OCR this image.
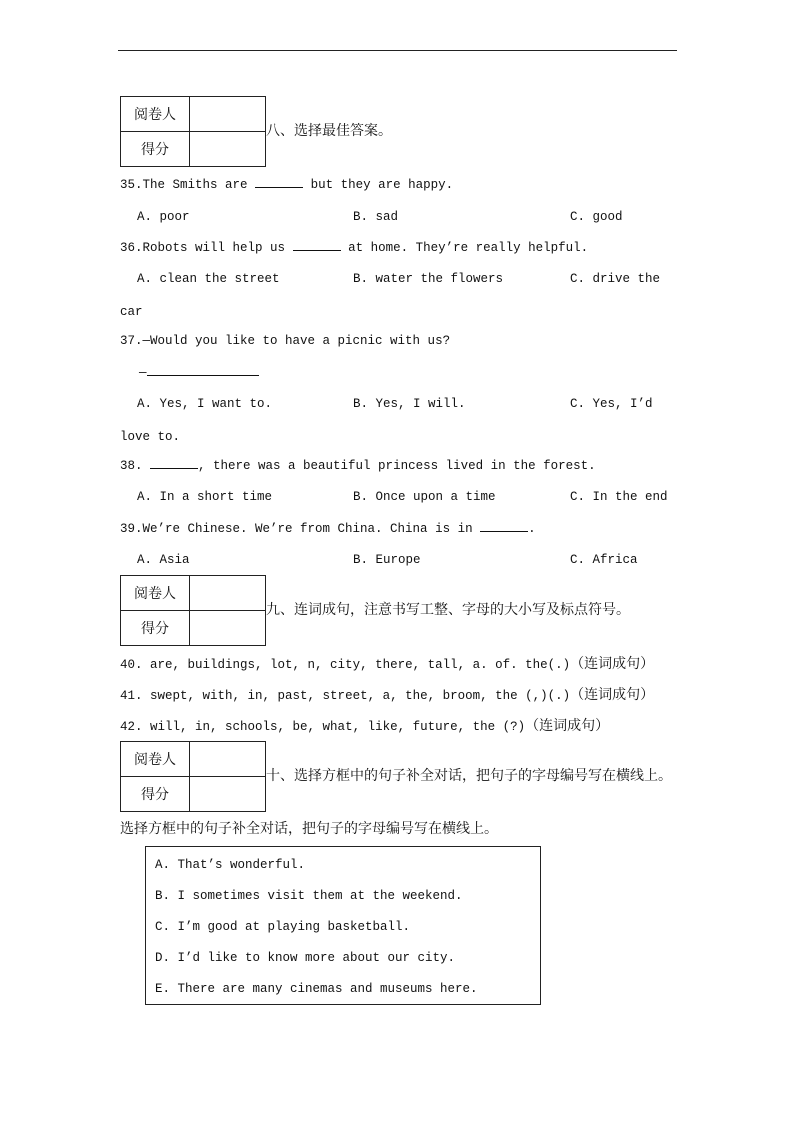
阅卷人	
得分	
八、选择最佳答案。
35.The Smiths are	but they are happy.
A. poor	B. sad	C. good
36.Robots will help us	at home. They’re really helpful.
A. clean the street	B. water the flowers	C. drive the
car
37.—Would you like to have a picnic with us?
—
A. Yes, I want to.	B. Yes, I will.	C. Yes, I’d
love to.
38.	, there was a beautiful princess lived in the forest.
A. In a short time	B. Once upon a time	C. In the end
39.We’re Chinese. We’re from China. China is in	.
A. Asia	B. Europe	C. Africa
阅卷人	
得分	
九、连词成句，注意书写工整、字母的大小写及标点符号。
40. are, buildings, lot, n, city, there, tall, a. of. the(.)（连词成句）
41. swept, with, in, past, street, a, the, broom, the (,)(.)（连词成句）
42. will, in, schools, be, what, like, future, the (?)（连词成句）
阅卷人	
得分	
十、选择方框中的句子补全对话，把句子的字母编号写在横线上。
选择方框中的句子补全对话，把句子的字母编号写在横线上。
A. That’s wonderful.
B. I sometimes visit them at the weekend.
C. I’m good at playing basketball.
D. I’d like to know more about our city.
E. There are many cinemas and museums here.
